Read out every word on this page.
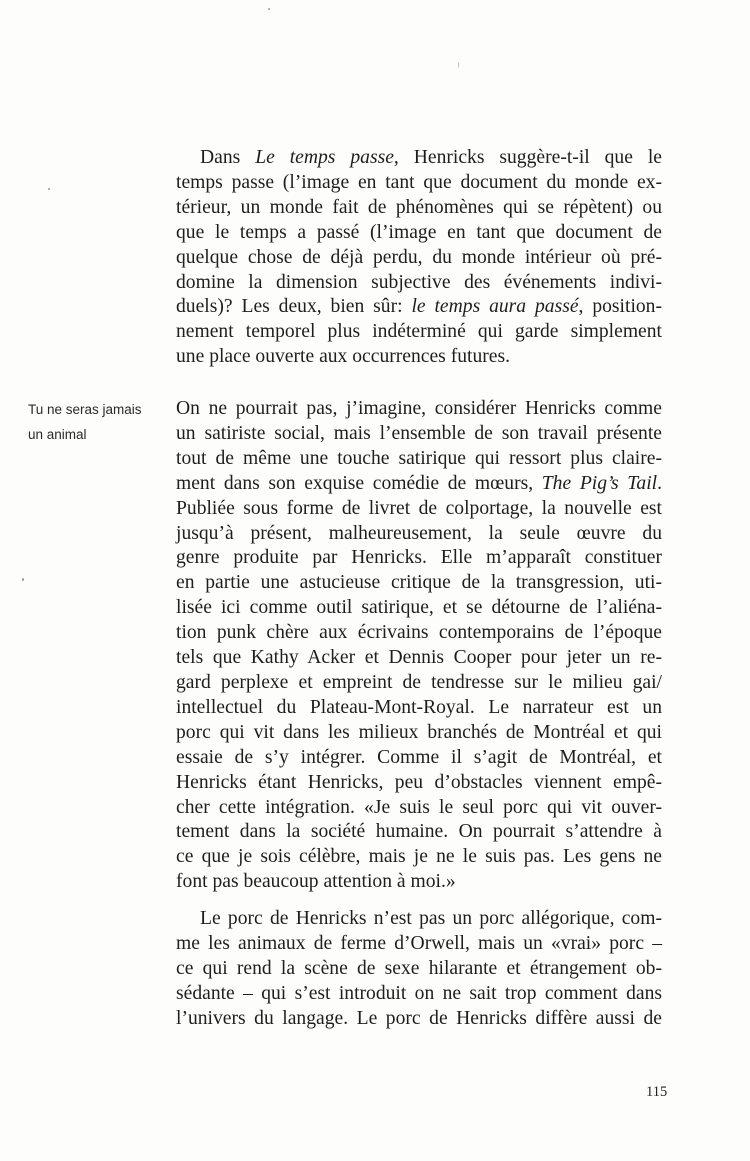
Tu ne seras jamais
un animal
Dans Le temps passe, Henricks suggère-t-il que le
temps passe (l’image en tant que document du monde ex-
térieur, un monde fait de phénomènes qui se répètent) ou
que le temps a passé (l’image en tant que document de
quelque chose de déjà perdu, du monde intérieur où pré-
domine la dimension subjective des événements indivi-
duels)? Les deux, bien sûr: le temps aura passé, position-
nement temporel plus indéterminé qui garde simplement
une place ouverte aux occurrences futures.
On ne pourrait pas, j’imagine, considérer Henricks comme
un satiriste social, mais l’ensemble de son travail présente
tout de même une touche satirique qui ressort plus claire-
ment dans son exquise comédie de mœurs, The Pig’s Tail.
Publiée sous forme de livret de colportage, la nouvelle est
jusqu’à présent, malheureusement, la seule œuvre du
genre produite par Henricks. Elle m’apparaît constituer
en partie une astucieuse critique de la transgression, uti-
lisée ici comme outil satirique, et se détourne de l’aliéna-
tion punk chère aux écrivains contemporains de l’époque
tels que Kathy Acker et Dennis Cooper pour jeter un re-
gard perplexe et empreint de tendresse sur le milieu gai/
intellectuel du Plateau-Mont-Royal. Le narrateur est un
porc qui vit dans les milieux branchés de Montréal et qui
essaie de s’y intégrer. Comme il s’agit de Montréal, et
Henricks étant Henricks, peu d’obstacles viennent empê-
cher cette intégration. «Je suis le seul porc qui vit ouver-
tement dans la société humaine. On pourrait s’attendre à
ce que je sois célèbre, mais je ne le suis pas. Les gens ne
font pas beaucoup attention à moi.»
Le porc de Henricks n’est pas un porc allégorique, com-
me les animaux de ferme d’Orwell, mais un «vrai» porc –
ce qui rend la scène de sexe hilarante et étrangement ob-
sédante – qui s’est introduit on ne sait trop comment dans
l’univers du langage. Le porc de Henricks diffère aussi de
115
